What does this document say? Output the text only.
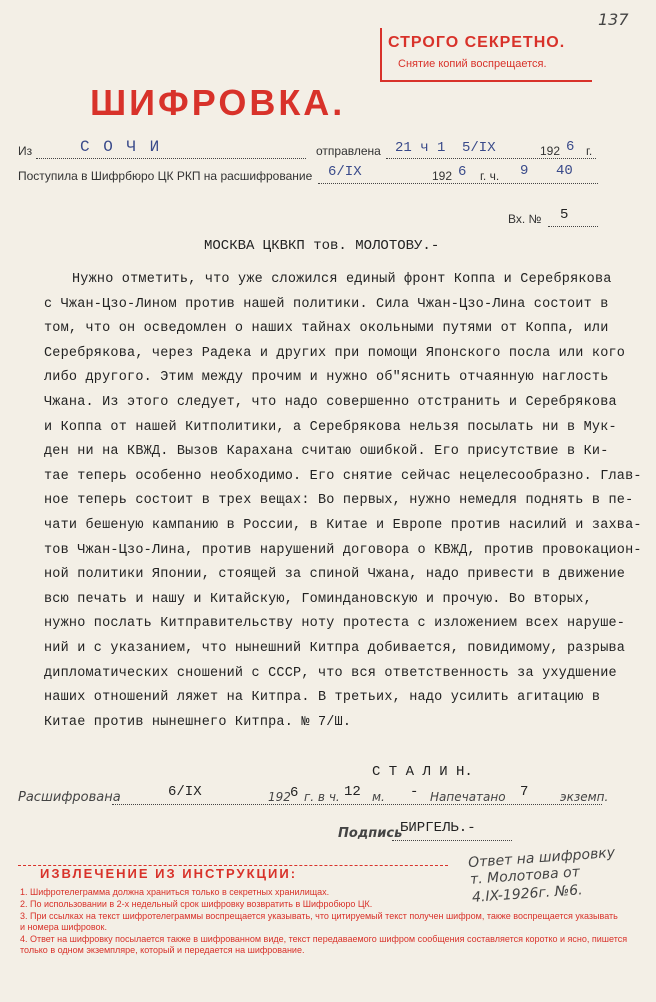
137
СТРОГО СЕКРЕТНО.
Снятие копий воспрещается.
ШИФРОВКА.
Из	С О Ч И	отправлена 21 ч 1 5/IX	192 6 г.
Поступила в Шифрбюро ЦК РКП на расшифрование 6/IX	192 6 г. ч. 9 40
Вх. № 5
МОСКВА ЦКВКП тов. МОЛОТОВУ.-
Нужно отметить, что уже сложился единый фронт Коппа и Серебрякова
с Чжан-Цзо-Лином против нашей политики. Сила Чжан-Цзо-Лина состоит в
том, что он осведомлен о наших тайнах окольными путями от Коппа, или
Серебрякова, через Радека и других при помощи Японского посла или кого
либо другого. Этим между прочим и нужно об"яснить отчаянную наглость
Чжана. Из этого следует, что надо совершенно отстранить и Серебрякова
и Коппа от нашей Китполитики, а Серебрякова нельзя посылать ни в Мук-
ден ни на КВЖД. Вызов Карахана считаю ошибкой. Его присутствие в Ки-
тае теперь особенно необходимо. Его снятие сейчас нецелесообразно. Глав-
ное теперь состоит в трех вещах: Во первых, нужно немедля поднять в пе-
чати бешеную кампанию в России, в Китае и Европе против насилий и захва-
тов Чжан-Цзо-Лина, против нарушений договора о КВЖД, против провокацион-
ной политики Японии, стоящей за спиной Чжана, надо привести в движение
всю печать и нашу и Китайскую, Гоминдановскую и прочую. Во вторых,
нужно послать Китправительству ноту протеста с изложением всех наруше-
ний и с указанием, что нынешний Китпра добивается, повидимому, разрыва
дипломатических сношений с СССР, что вся ответственность за ухудшение
наших отношений ляжет на Китпра. В третьих, надо усилить агитацию в
Китае против нынешнего Китпра. № 7/Ш.
С Т А Л И Н.
Расшифрована	6/IX	192 6 г. в ч. 12 м. - Напечатано 7	экземп.
Подпись
БИРГЕЛЬ.-
ИЗВЛЕЧЕНИЕ ИЗ ИНСТРУКЦИИ:
1. Шифротелеграмма должна храниться только в секретных хранилищах.
2. По использовании в 2-х недельный срок шифровку возвратить в Шифробюро ЦК.
3. При ссылках на текст шифротелеграммы воспрещается указывать, что цитируемый текст получен шифром, также воспрещается указывать
и номера шифровок.
4. Ответ на шифровку посылается также в шифрованном виде, текст передаваемого шифром сообщения составляется коротко и ясно, пишется
только в одном экземпляре, который и передается на шифрование.
Ответ на шифровку
т. Молотова от
4.IX-1926г. №6.
